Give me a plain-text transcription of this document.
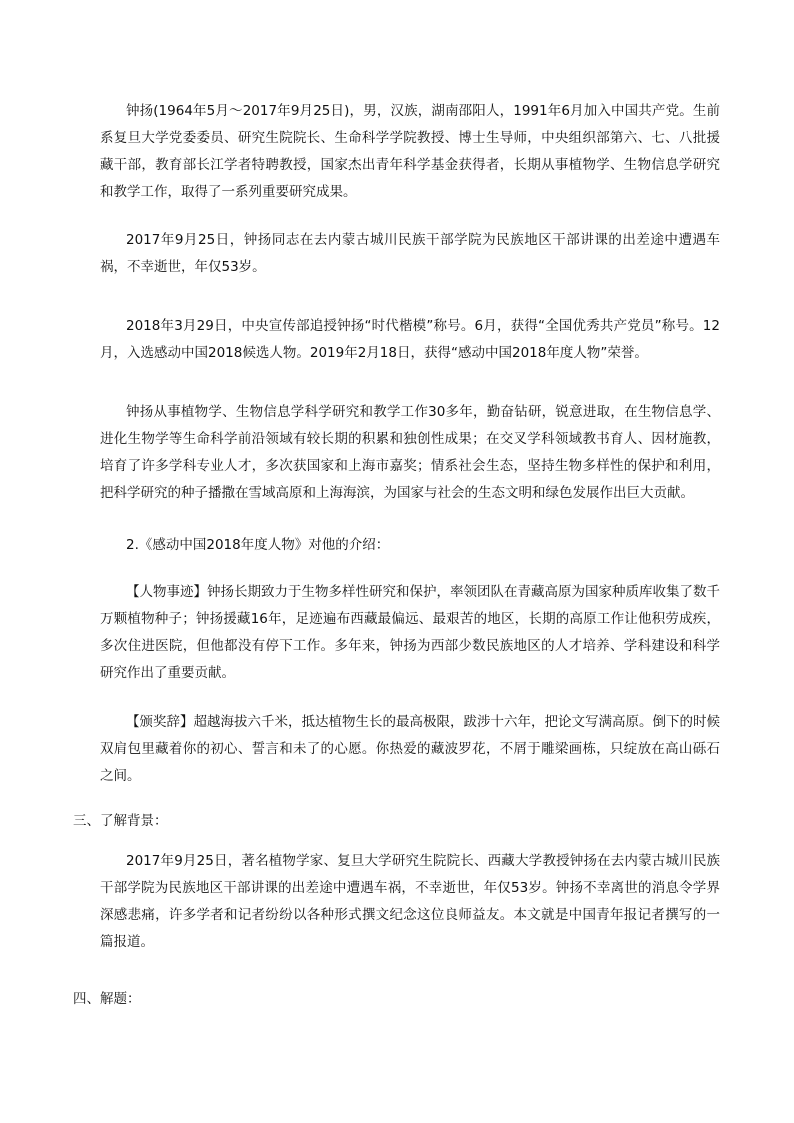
钟扬(1964年5月～2017年9月25日)，男，汉族，湖南邵阳人，1991年6月加入中国共产党。生前系复旦大学党委委员、研究生院院长、生命科学学院教授、博士生导师，中央组织部第六、七、八批援藏干部，教育部长江学者特聘教授，国家杰出青年科学基金获得者，长期从事植物学、生物信息学研究和教学工作，取得了一系列重要研究成果。

2017年9月25日，钟扬同志在去内蒙古城川民族干部学院为民族地区干部讲课的出差途中遭遇车祸，不幸逝世，年仅53岁。

2018年3月29日，中央宣传部追授钟扬“时代楷模”称号。6月，获得“全国优秀共产党员”称号。12月，入选感动中国2018候选人物。2019年2月18日，获得“感动中国2018年度人物”荣誉。

钟扬从事植物学、生物信息学科学研究和教学工作30多年，勤奋钻研，锐意进取，在生物信息学、进化生物学等生命科学前沿领域有较长期的积累和独创性成果；在交叉学科领域教书育人、因材施教，培育了许多学科专业人才，多次获国家和上海市嘉奖；情系社会生态，坚持生物多样性的保护和利用，把科学研究的种子播撒在雪域高原和上海海滨，为国家与社会的生态文明和绿色发展作出巨大贡献。

2.《感动中国2018年度人物》对他的介绍：

【人物事迹】钟扬长期致力于生物多样性研究和保护，率领团队在青藏高原为国家种质库收集了数千万颗植物种子；钟扬援藏16年，足迹遍布西藏最偏远、最艰苦的地区，长期的高原工作让他积劳成疾，多次住进医院，但他都没有停下工作。多年来，钟扬为西部少数民族地区的人才培养、学科建设和科学研究作出了重要贡献。

【颁奖辞】超越海拔六千米，抵达植物生长的最高极限，跋涉十六年，把论文写满高原。倒下的时候双肩包里藏着你的初心、誓言和未了的心愿。你热爱的藏波罗花，不屑于雕梁画栋，只绽放在高山砾石之间。

三、了解背景：

2017年9月25日，著名植物学家、复旦大学研究生院院长、西藏大学教授钟扬在去内蒙古城川民族干部学院为民族地区干部讲课的出差途中遭遇车祸，不幸逝世，年仅53岁。钟扬不幸离世的消息令学界深感悲痛，许多学者和记者纷纷以各种形式撰文纪念这位良师益友。本文就是中国青年报记者撰写的一篇报道。

四、解题：
